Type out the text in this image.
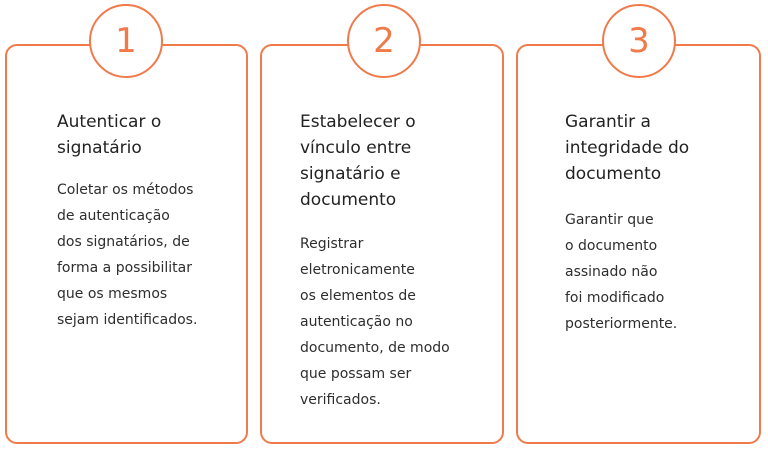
1
Autenticar o
signatário

Coletar os métodos
de autenticação
dos signatários, de
forma a possibilitar
que os mesmos
sejam identificados.

2
Estabelecer o
vínculo entre
signatário e
documento

Registrar
eletronicamente
os elementos de
autenticação no
documento, de modo
que possam ser
verificados.

3
Garantir a
integridade do
documento

Garantir que
o documento
assinado não
foi modificado
posteriormente.
